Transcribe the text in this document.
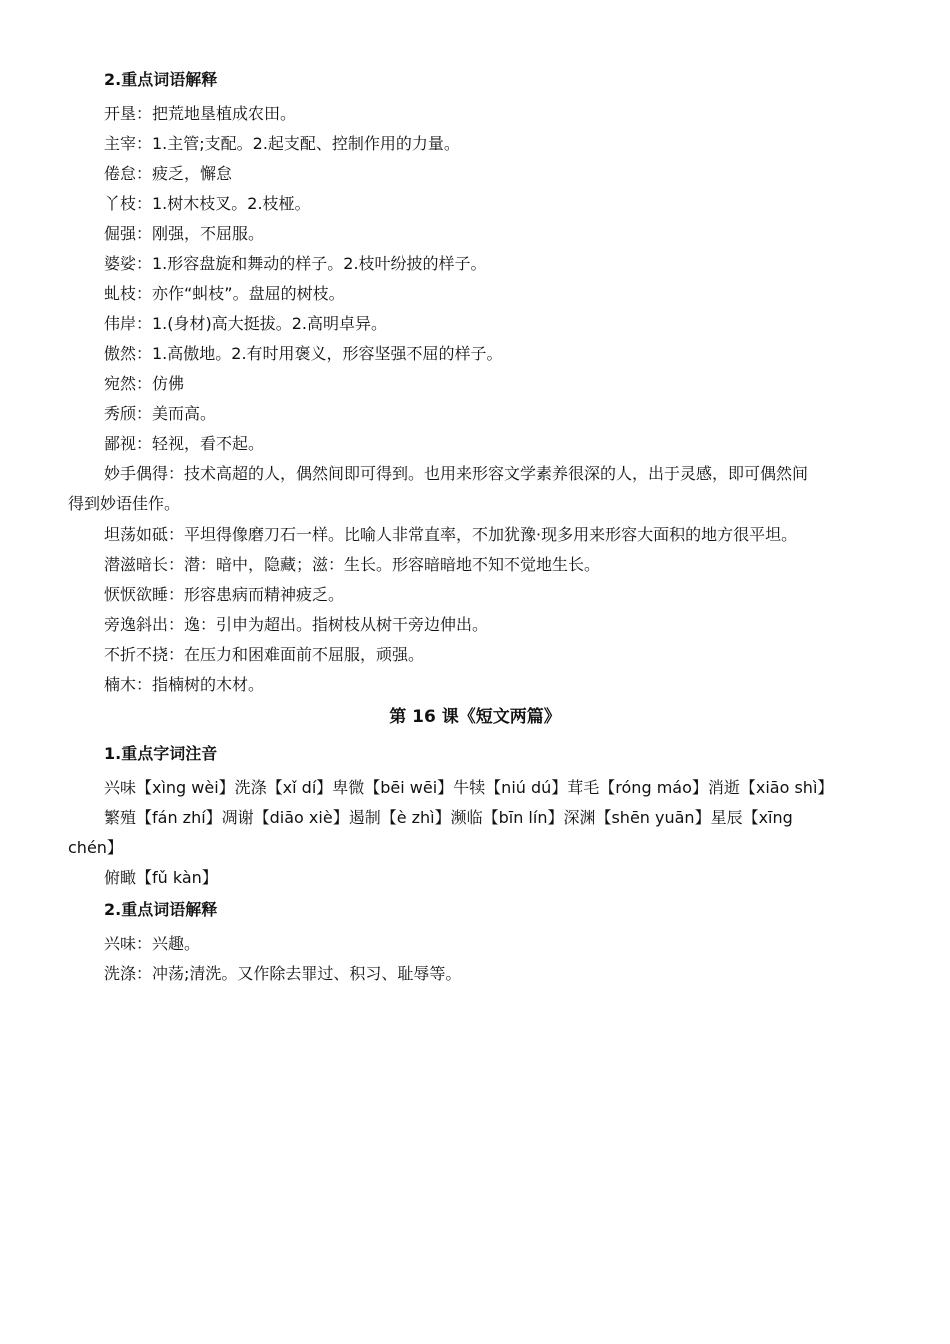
2.重点词语解释
开垦：把荒地垦植成农田。
主宰：1.主管;支配。2.起支配、控制作用的力量。
倦怠：疲乏，懈怠
丫枝：1.树木枝叉。2.枝桠。
倔强：刚强，不屈服。
婆娑：1.形容盘旋和舞动的样子。2.枝叶纷披的样子。
虬枝：亦作“虯枝”。盘屈的树枝。
伟岸：1.(身材)高大挺拔。2.高明卓异。
傲然：1.高傲地。2.有时用褒义，形容坚强不屈的样子。
宛然：仿佛
秀颀：美而高。
鄙视：轻视，看不起。
妙手偶得：技术高超的人，偶然间即可得到。也用来形容文学素养很深的人，出于灵感，即可偶然间
得到妙语佳作。
坦荡如砥：平坦得像磨刀石一样。比喻人非常直率，不加犹豫·现多用来形容大面积的地方很平坦。
潜滋暗长：潜：暗中，隐藏；滋：生长。形容暗暗地不知不觉地生长。
恹恹欲睡：形容患病而精神疲乏。
旁逸斜出：逸：引申为超出。指树枝从树干旁边伸出。
不折不挠：在压力和困难面前不屈服，顽强。
楠木：指楠树的木材。
第 16 课《短文两篇》
1.重点字词注音
兴味【xìng wèi】洗涤【xǐ dí】卑微【bēi wēi】牛犊【niú dú】茸毛【róng máo】消逝【xiāo shì】
繁殖【fán zhí】凋谢【diāo xiè】遏制【è zhì】濒临【bīn lín】深渊【shēn yuān】星辰【xīng
chén】
俯瞰【fǔ kàn】
2.重点词语解释
兴味：兴趣。
洗涤：冲荡;清洗。又作除去罪过、积习、耻辱等。
